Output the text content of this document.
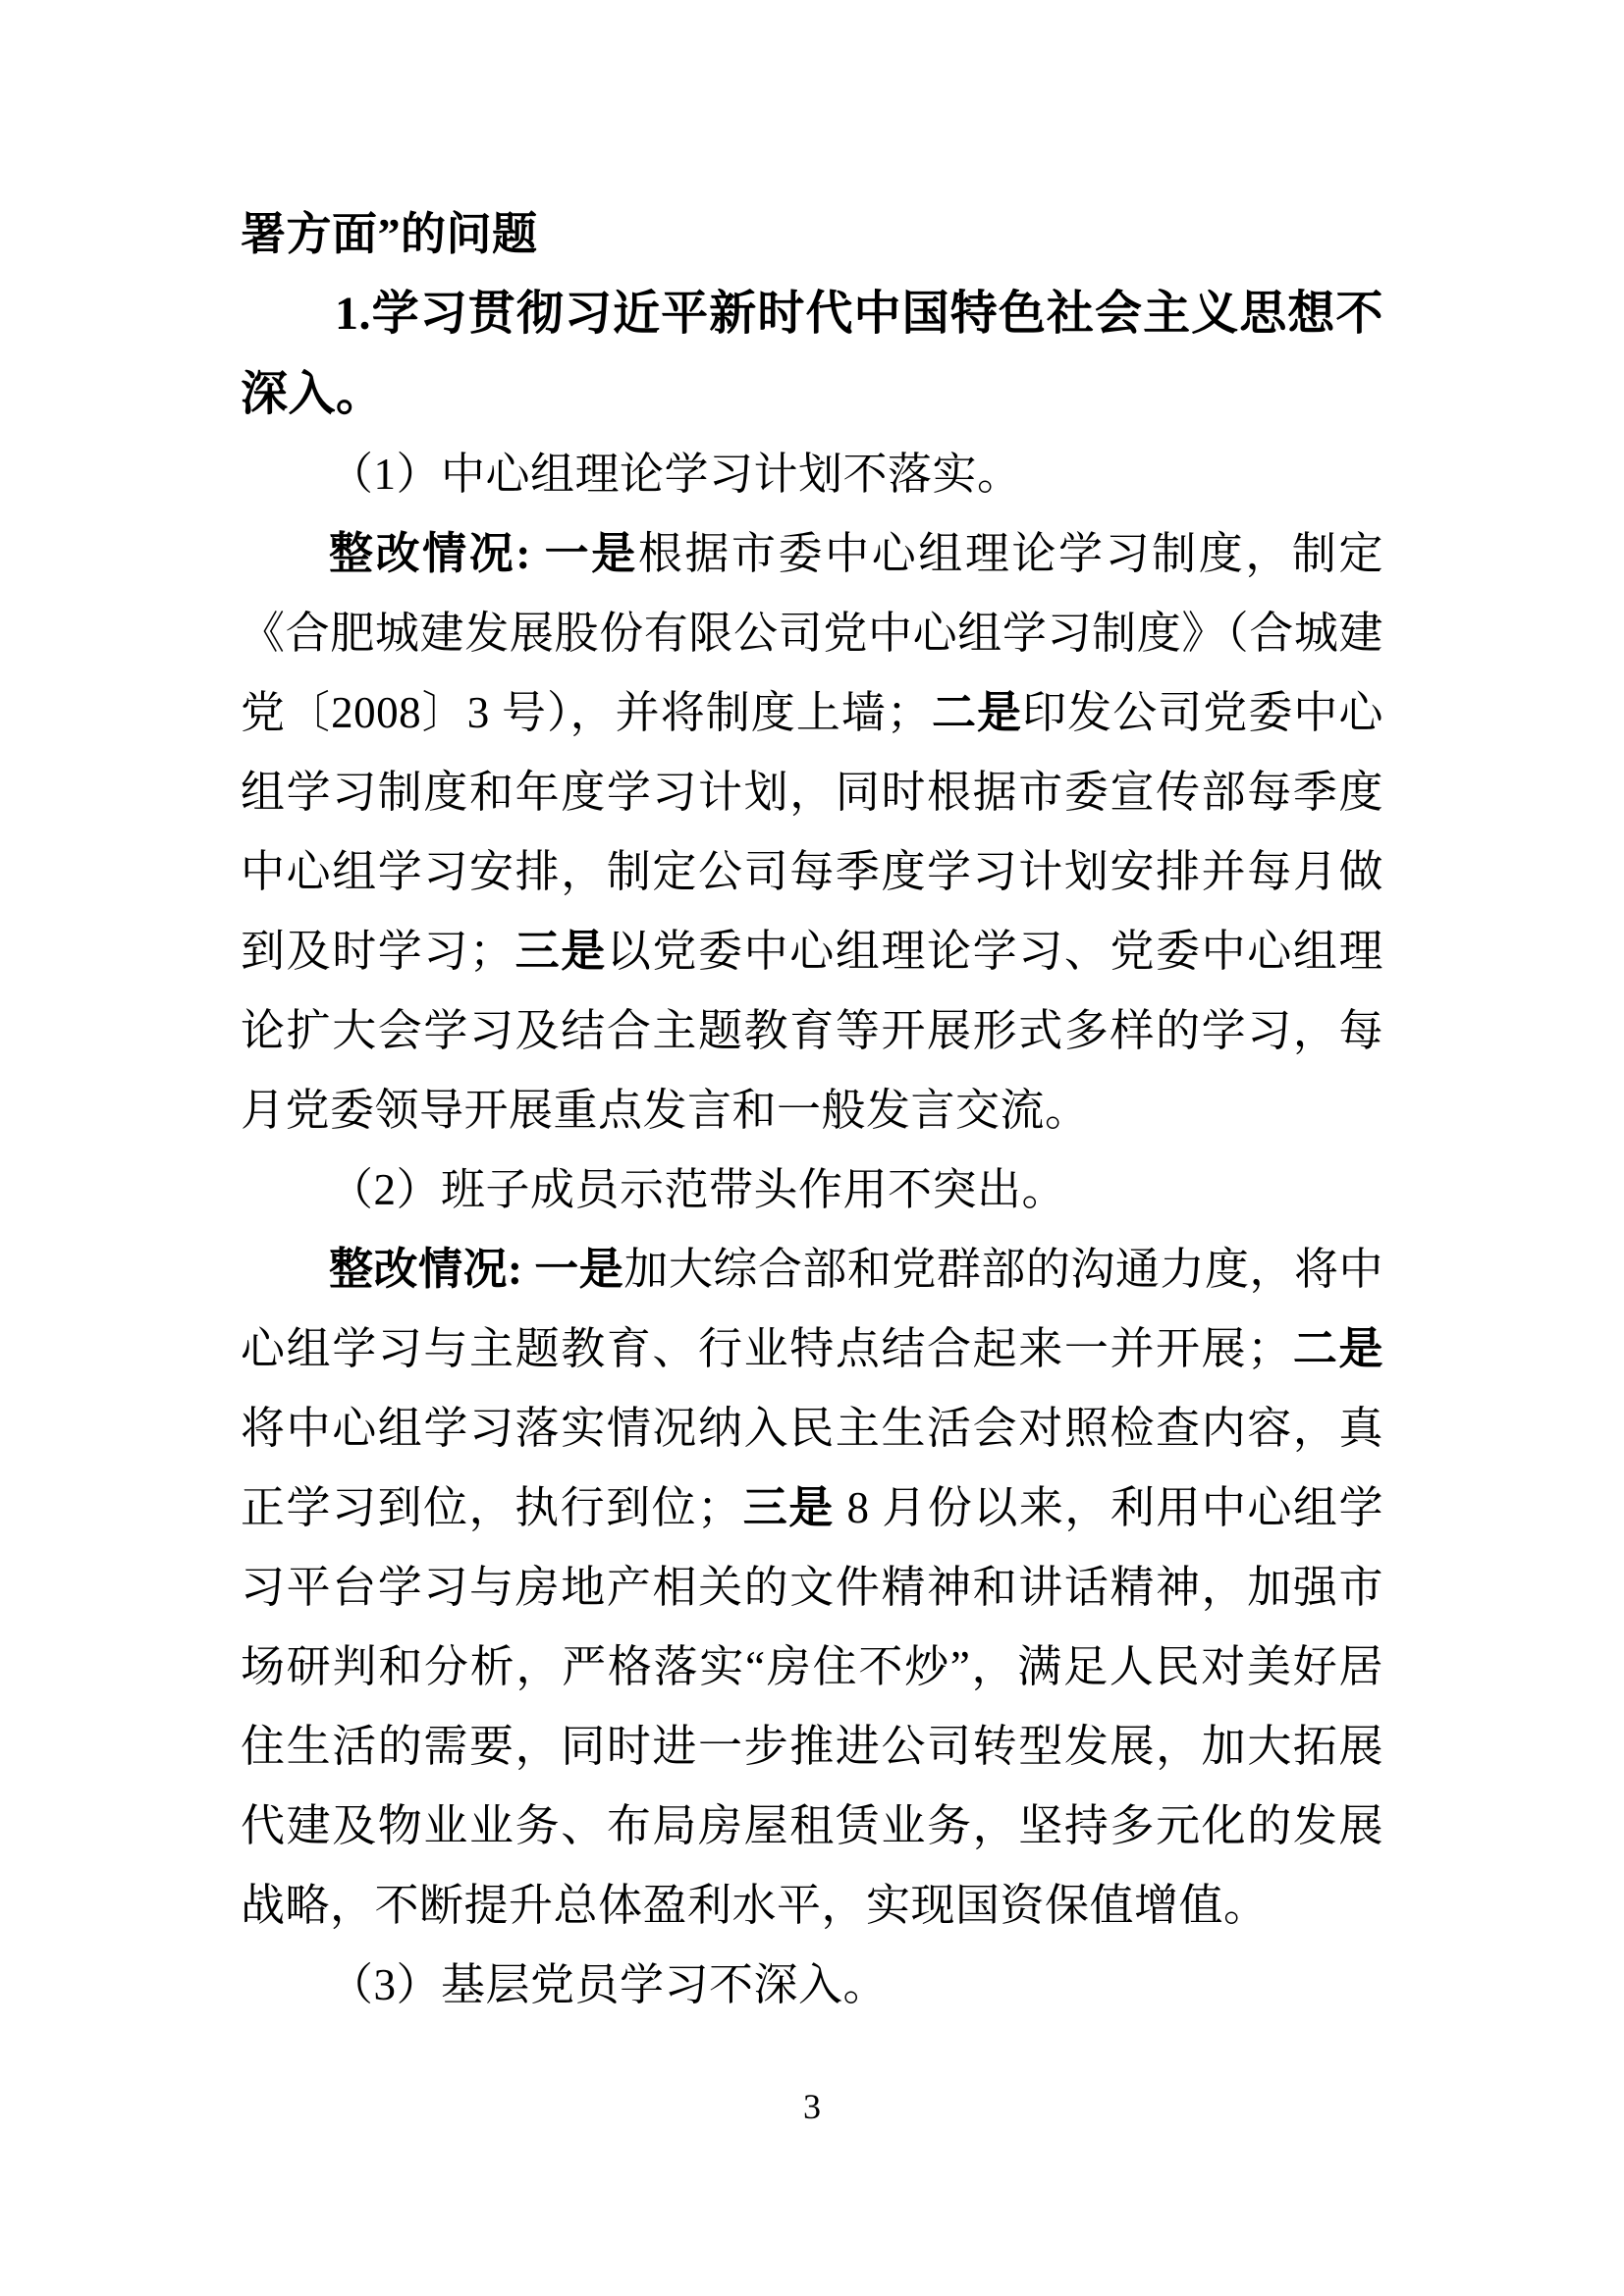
署方面”的问题

1.学习贯彻习近平新时代中国特色社会主义思想不深入。

（1）中心组理论学习计划不落实。

整改情况: 一是根据市委中心组理论学习制度，制定《合肥城建发展股份有限公司党中心组学习制度》（合城建党〔2008〕3 号），并将制度上墙；二是印发公司党委中心组学习制度和年度学习计划，同时根据市委宣传部每季度中心组学习安排，制定公司每季度学习计划安排并每月做到及时学习；三是以党委中心组理论学习、党委中心组理论扩大会学习及结合主题教育等开展形式多样的学习，每月党委领导开展重点发言和一般发言交流。

（2）班子成员示范带头作用不突出。

整改情况: 一是加大综合部和党群部的沟通力度，将中心组学习与主题教育、行业特点结合起来一并开展；二是将中心组学习落实情况纳入民主生活会对照检查内容，真正学习到位，执行到位；三是 8 月份以来，利用中心组学习平台学习与房地产相关的文件精神和讲话精神，加强市场研判和分析，严格落实“房住不炒”，满足人民对美好居住生活的需要，同时进一步推进公司转型发展，加大拓展代建及物业业务、布局房屋租赁业务，坚持多元化的发展战略，不断提升总体盈利水平，实现国资保值增值。

（3）基层党员学习不深入。

3
